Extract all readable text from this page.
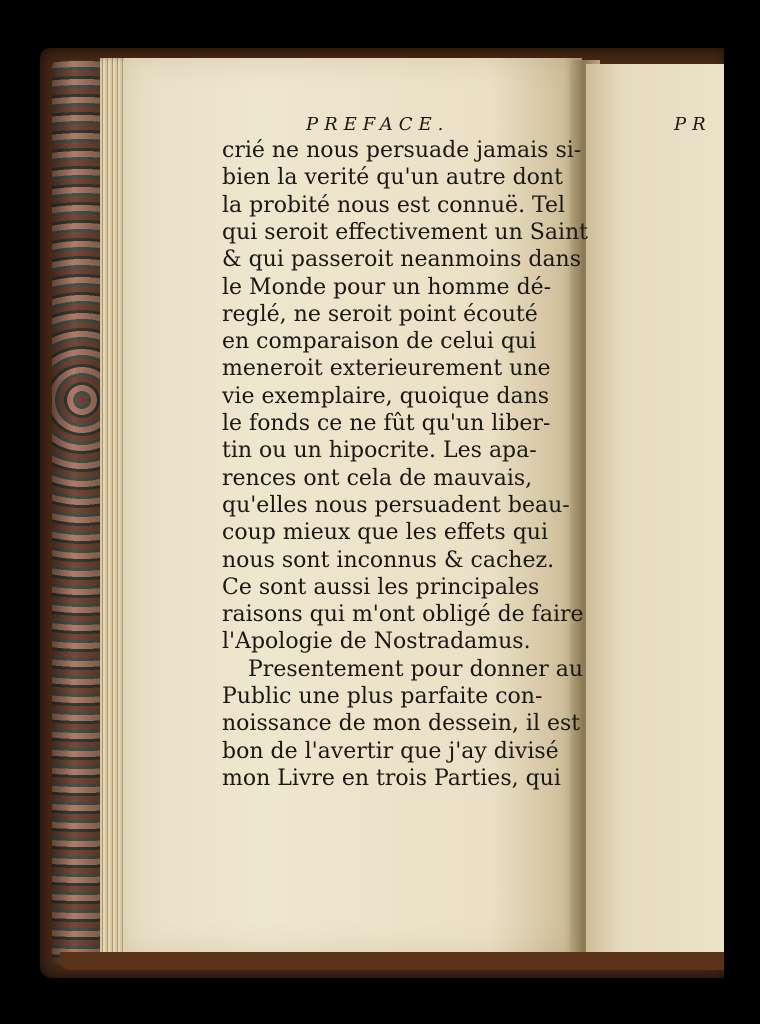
PREFACE.	PR
crié ne nous persuade jamais si-
bien la verité qu'un autre dont
la probité nous est connuë. Tel
qui seroit effectivement un Saint
& qui passeroit neanmoins dans
le Monde pour un homme dé-
reglé, ne seroit point écouté
en comparaison de celui qui
meneroit exterieurement une
vie exemplaire, quoique dans
le fonds ce ne fût qu'un liber-
tin ou un hipocrite. Les apa-
rences ont cela de mauvais,
qu'elles nous persuadent beau-
coup mieux que les effets qui
nous sont inconnus & cachez.
Ce sont aussi les principales
raisons qui m'ont obligé de faire
l'Apologie de Nostradamus.
Presentement pour donner au
Public une plus parfaite con-
noissance de mon dessein, il est
bon de l'avertir que j'ay divisé
mon Livre en trois Parties, qui
